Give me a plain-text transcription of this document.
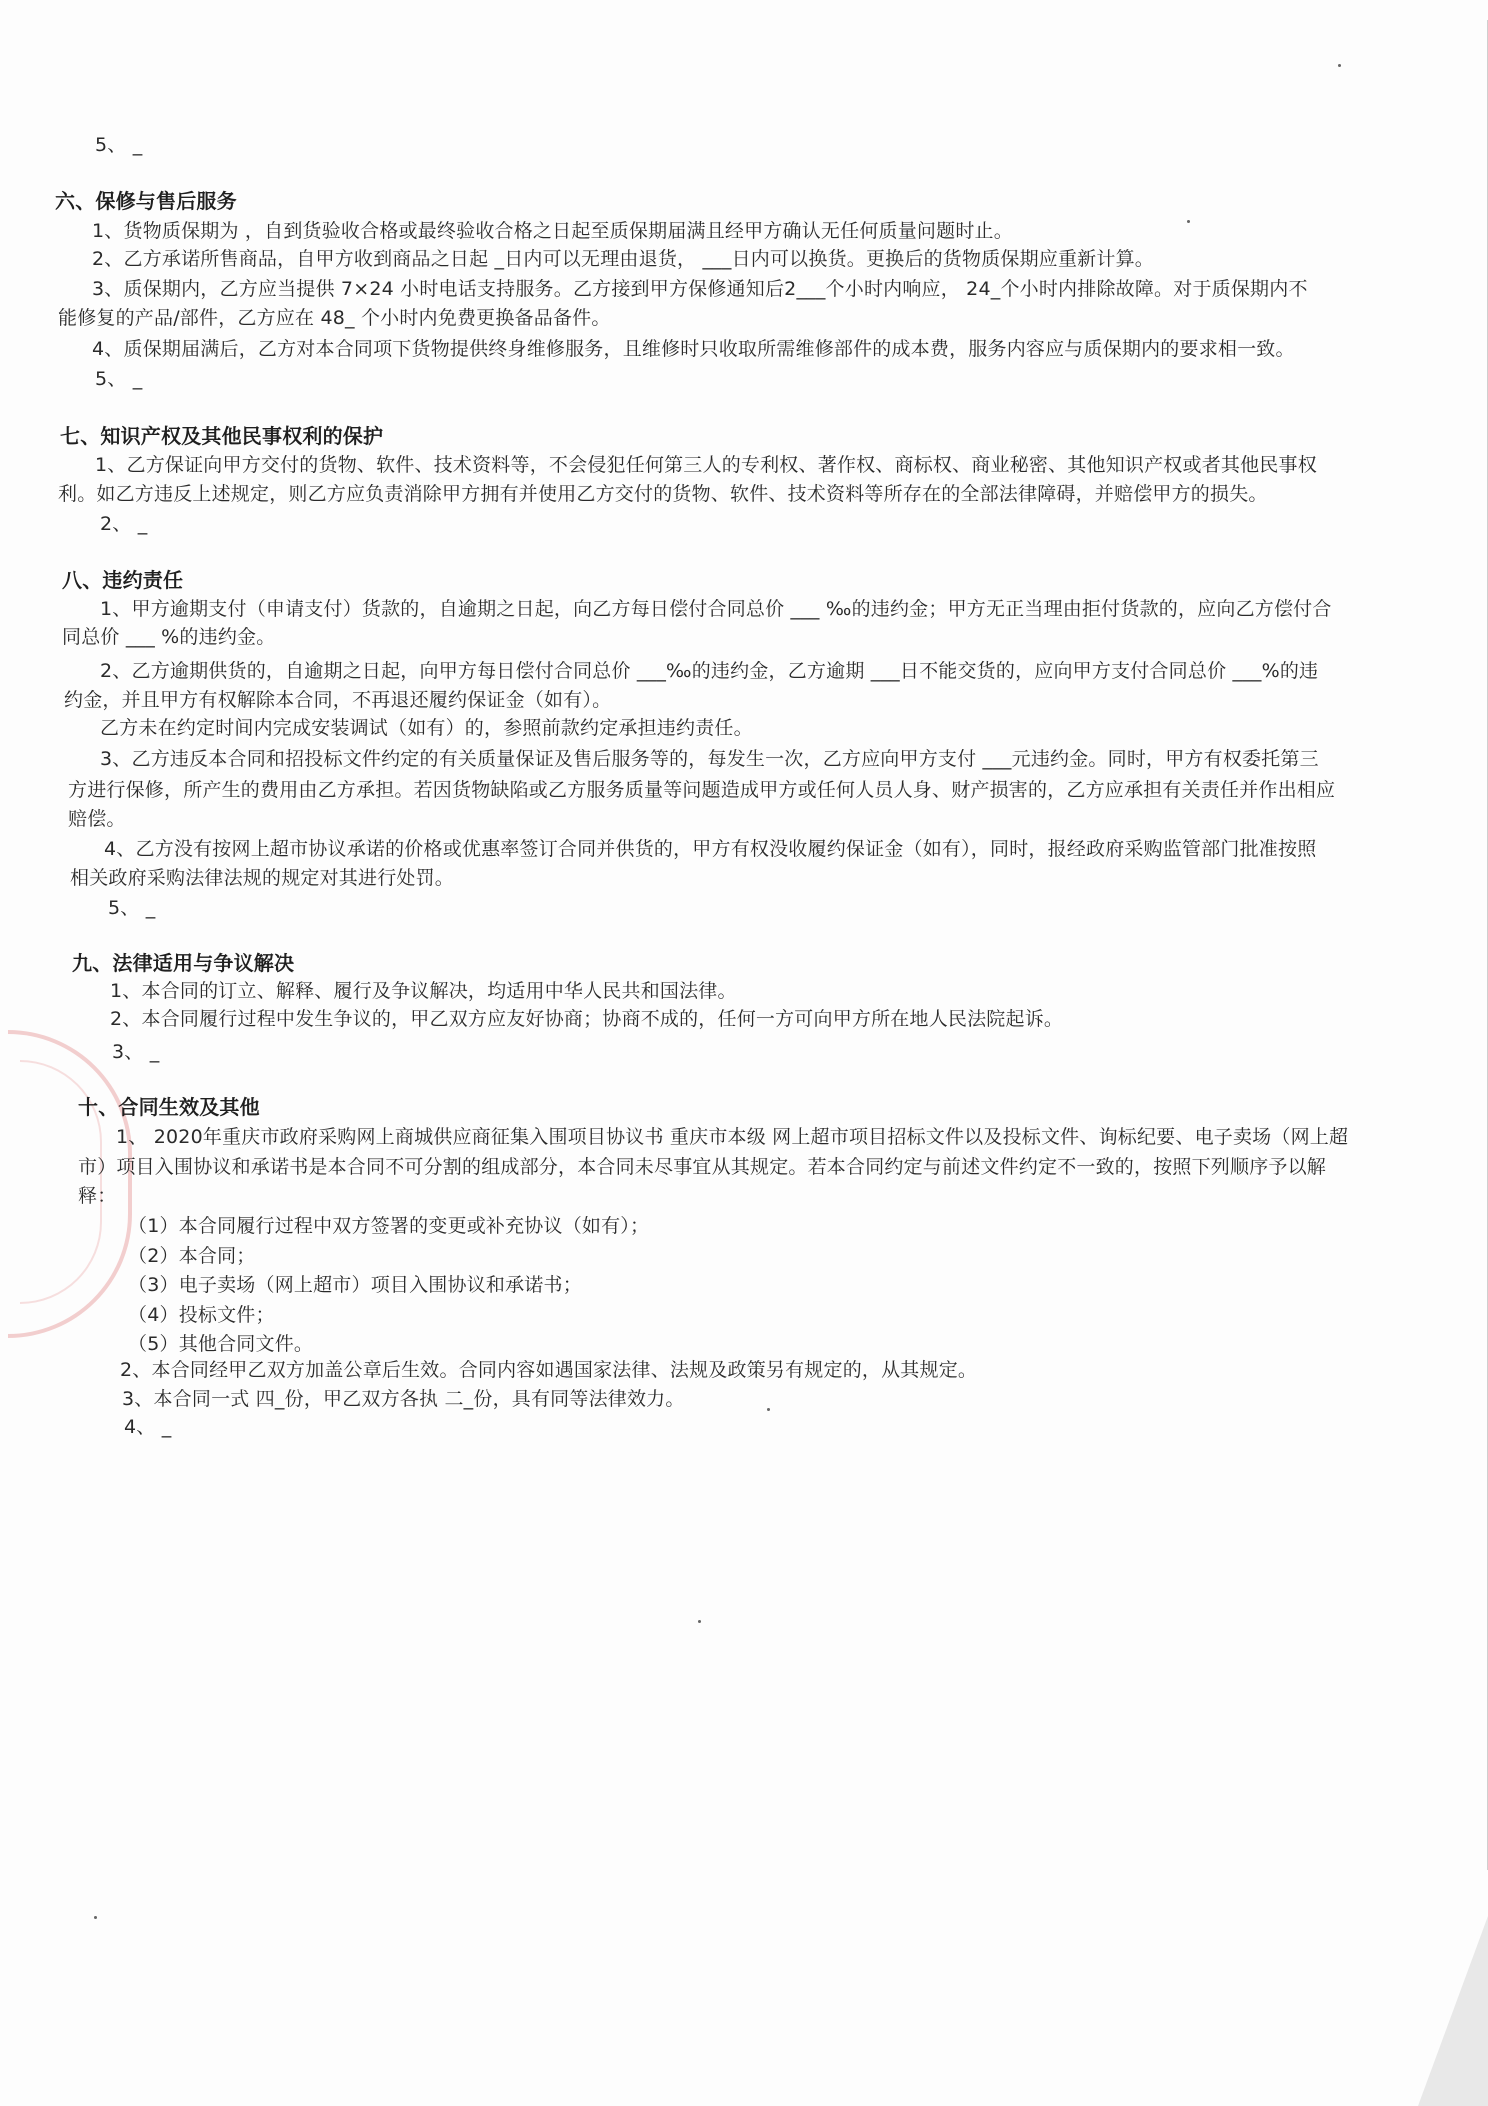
5、 _
六、保修与售后服务
1、货物质保期为 ，自到货验收合格或最终验收合格之日起至质保期届满且经甲方确认无任何质量问题时止。
2、乙方承诺所售商品，自甲方收到商品之日起 _日内可以无理由退货， ___日内可以换货。更换后的货物质保期应重新计算。
3、质保期内，乙方应当提供 7×24 小时电话支持服务。乙方接到甲方保修通知后2___个小时内响应， 24_个小时内排除故障。对于质保期内不
能修复的产品/部件，乙方应在 48_ 个小时内免费更换备品备件。
4、质保期届满后，乙方对本合同项下货物提供终身维修服务，且维修时只收取所需维修部件的成本费，服务内容应与质保期内的要求相一致。
5、 _
七、知识产权及其他民事权利的保护
1、乙方保证向甲方交付的货物、软件、技术资料等，不会侵犯任何第三人的专利权、著作权、商标权、商业秘密、其他知识产权或者其他民事权
利。如乙方违反上述规定，则乙方应负责消除甲方拥有并使用乙方交付的货物、软件、技术资料等所存在的全部法律障碍，并赔偿甲方的损失。
2、 _
八、违约责任
1、甲方逾期支付（申请支付）货款的，自逾期之日起，向乙方每日偿付合同总价 ___ ‰的违约金；甲方无正当理由拒付货款的，应向乙方偿付合
同总价 ___ %的违约金。
2、乙方逾期供货的，自逾期之日起，向甲方每日偿付合同总价 ___‰的违约金，乙方逾期 ___日不能交货的，应向甲方支付合同总价 ___%的违
约金，并且甲方有权解除本合同，不再退还履约保证金（如有）。
乙方未在约定时间内完成安装调试（如有）的，参照前款约定承担违约责任。
3、乙方违反本合同和招投标文件约定的有关质量保证及售后服务等的，每发生一次，乙方应向甲方支付 ___元违约金。同时，甲方有权委托第三
方进行保修，所产生的费用由乙方承担。若因货物缺陷或乙方服务质量等问题造成甲方或任何人员人身、财产损害的，乙方应承担有关责任并作出相应
赔偿。
4、乙方没有按网上超市协议承诺的价格或优惠率签订合同并供货的，甲方有权没收履约保证金（如有），同时，报经政府采购监管部门批准按照
相关政府采购法律法规的规定对其进行处罚。
5、 _
九、法律适用与争议解决
1、本合同的订立、解释、履行及争议解决，均适用中华人民共和国法律。
2、本合同履行过程中发生争议的，甲乙双方应友好协商；协商不成的，任何一方可向甲方所在地人民法院起诉。
3、 _
十、合同生效及其他
1、 2020年重庆市政府采购网上商城供应商征集入围项目协议书 重庆市本级 网上超市项目招标文件以及投标文件、询标纪要、电子卖场（网上超
市）项目入围协议和承诺书是本合同不可分割的组成部分，本合同未尽事宜从其规定。若本合同约定与前述文件约定不一致的，按照下列顺序予以解
释：
（1）本合同履行过程中双方签署的变更或补充协议（如有）；
（2）本合同；
（3）电子卖场（网上超市）项目入围协议和承诺书；
（4）投标文件；
（5）其他合同文件。
2、本合同经甲乙双方加盖公章后生效。合同内容如遇国家法律、法规及政策另有规定的，从其规定。
3、本合同一式 四_份，甲乙双方各执 二_份，具有同等法律效力。
4、 _
